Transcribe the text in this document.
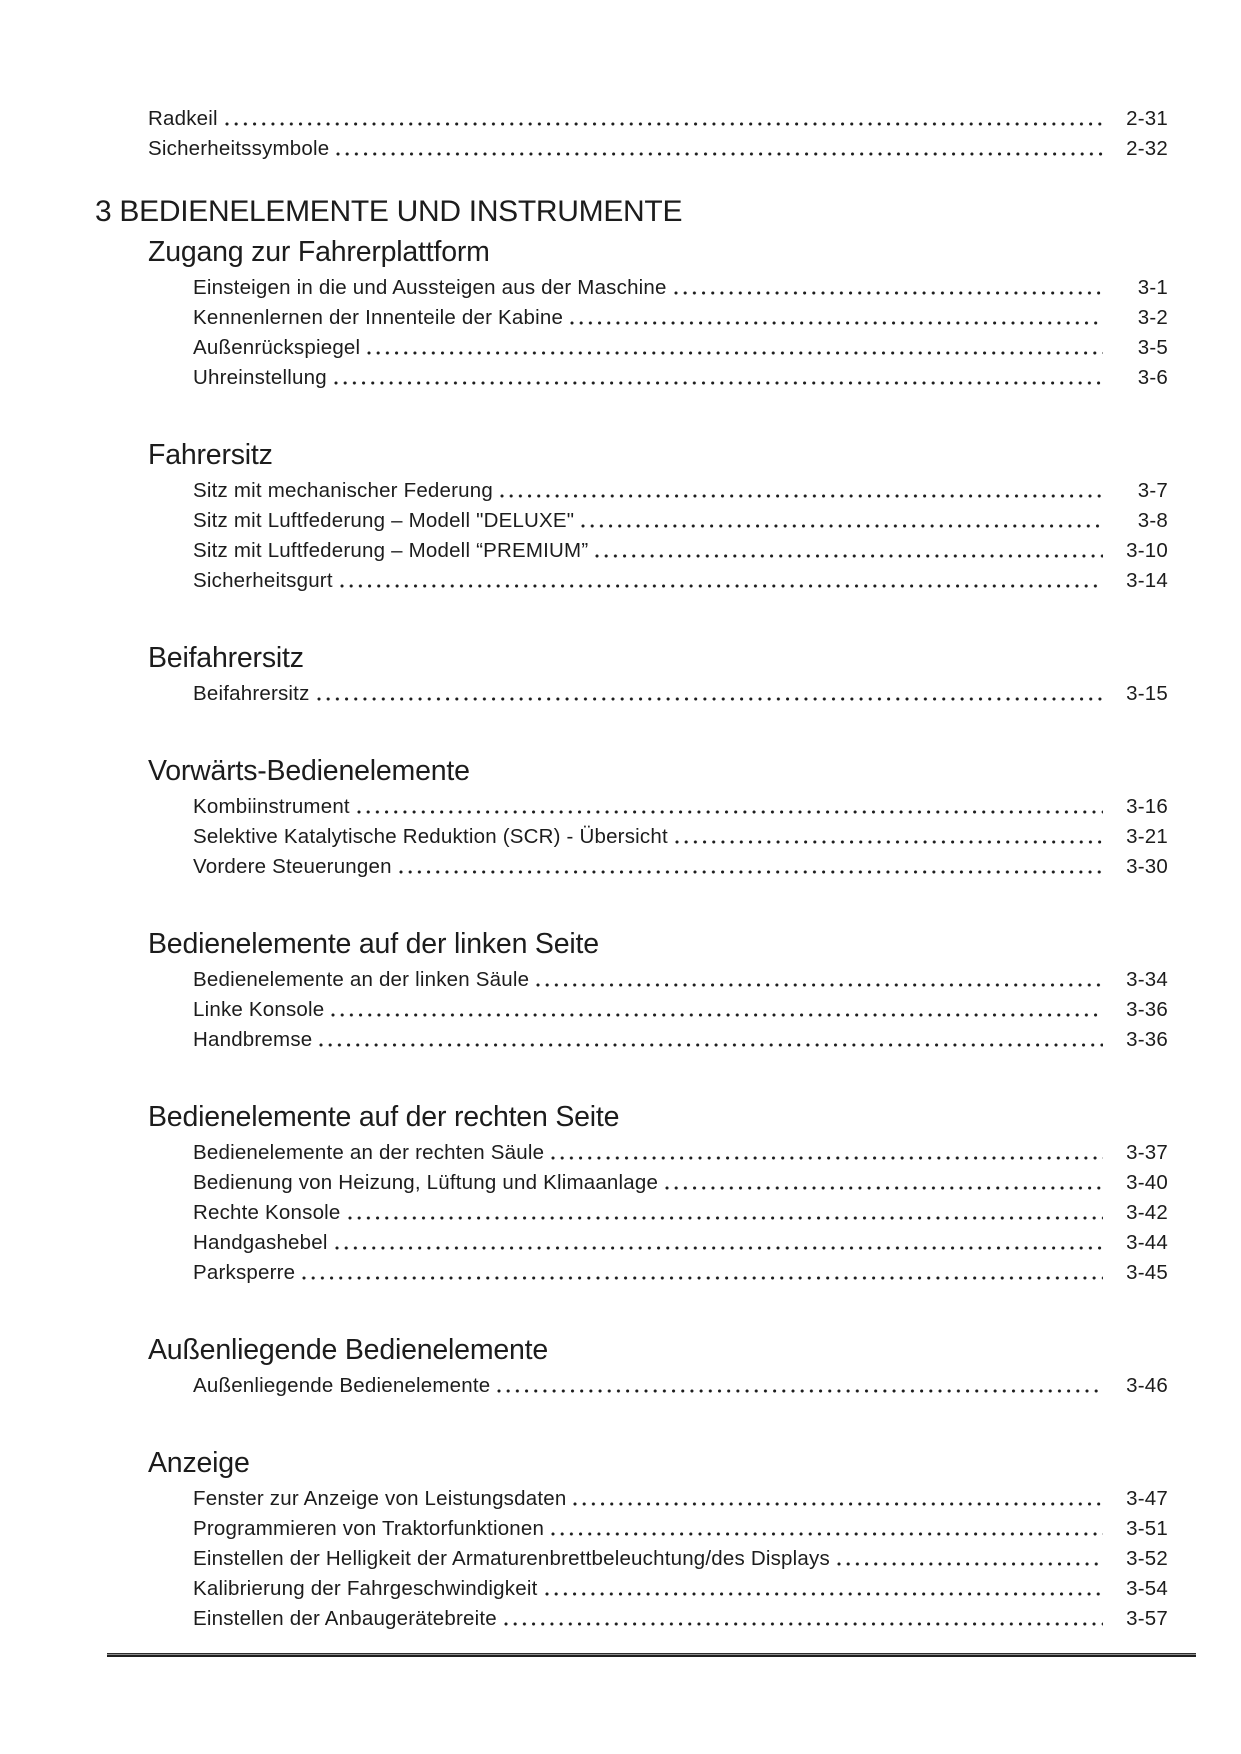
Radkeil	2-31
Sicherheitssymbole	2-32
3 BEDIENELEMENTE UND INSTRUMENTE
Zugang zur Fahrerplattform
Einsteigen in die und Aussteigen aus der Maschine	3-1
Kennenlernen der Innenteile der Kabine	3-2
Außenrückspiegel	3-5
Uhreinstellung	3-6
Fahrersitz
Sitz mit mechanischer Federung	3-7
Sitz mit Luftfederung – Modell "DELUXE"	3-8
Sitz mit Luftfederung – Modell “PREMIUM”	3-10
Sicherheitsgurt	3-14
Beifahrersitz
Beifahrersitz	3-15
Vorwärts-Bedienelemente
Kombiinstrument	3-16
Selektive Katalytische Reduktion (SCR) - Übersicht	3-21
Vordere Steuerungen	3-30
Bedienelemente auf der linken Seite
Bedienelemente an der linken Säule	3-34
Linke Konsole	3-36
Handbremse	3-36
Bedienelemente auf der rechten Seite
Bedienelemente an der rechten Säule	3-37
Bedienung von Heizung, Lüftung und Klimaanlage	3-40
Rechte Konsole	3-42
Handgashebel	3-44
Parksperre	3-45
Außenliegende Bedienelemente
Außenliegende Bedienelemente	3-46
Anzeige
Fenster zur Anzeige von Leistungsdaten	3-47
Programmieren von Traktorfunktionen	3-51
Einstellen der Helligkeit der Armaturenbrettbeleuchtung/des Displays	3-52
Kalibrierung der Fahrgeschwindigkeit	3-54
Einstellen der Anbaugerätebreite	3-57
